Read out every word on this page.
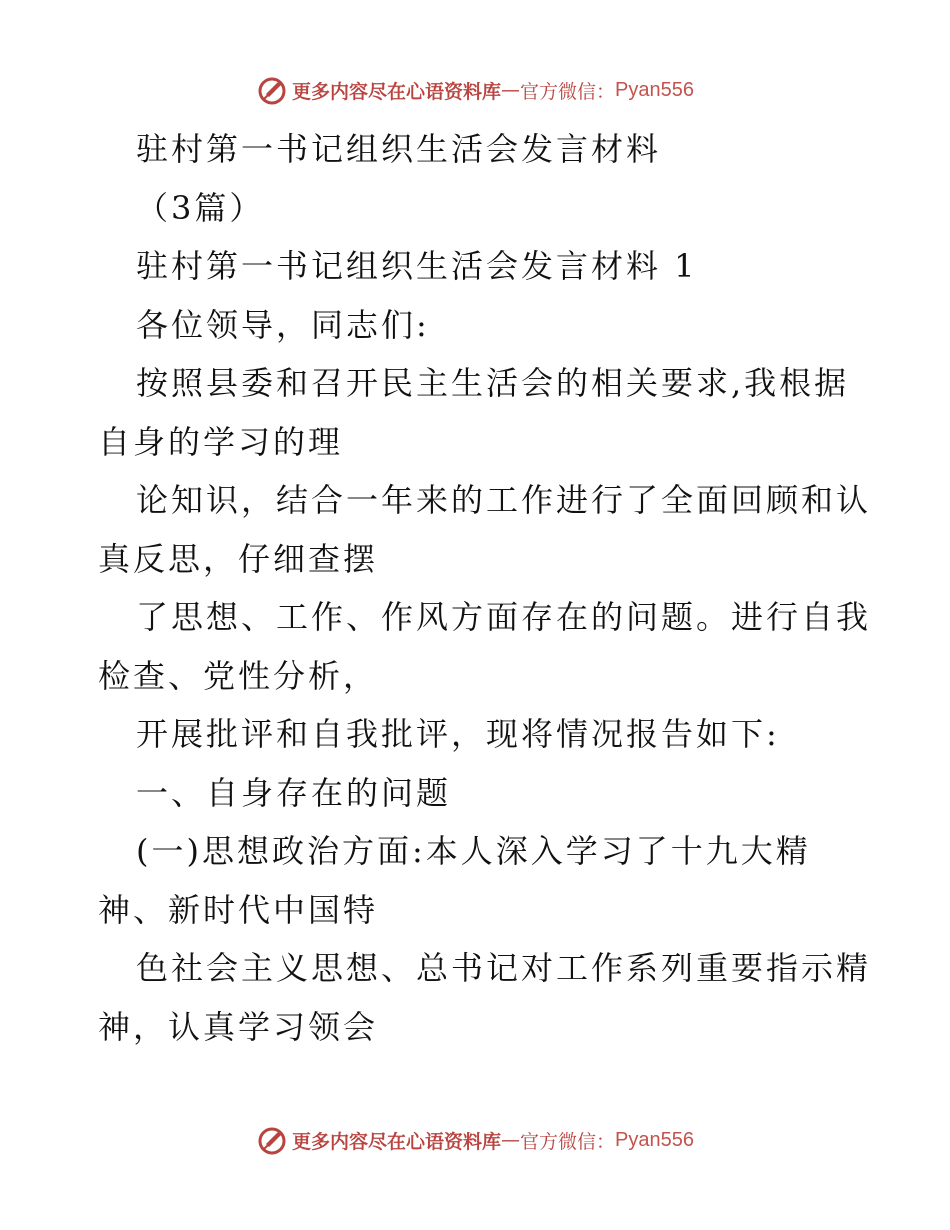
更多内容尽在心语资料库 — 官方微信： Pyan556
驻村第一书记组织生活会发言材料
（3篇）
驻村第一书记组织生活会发言材料 1
各位领导，同志们:
按照县委和召开民主生活会的相关要求,我根据
自身的学习的理
论知识，结合一年来的工作进行了全面回顾和认
真反思，仔细查摆
了思想、工作、作风方面存在的问题。进行自我
检查、党性分析，
开展批评和自我批评，现将情况报告如下:
一、自身存在的问题
(一)思想政治方面:本人深入学习了十九大精
神、新时代中国特
色社会主义思想、总书记对工作系列重要指示精
神，认真学习领会
更多内容尽在心语资料库 — 官方微信： Pyan556
